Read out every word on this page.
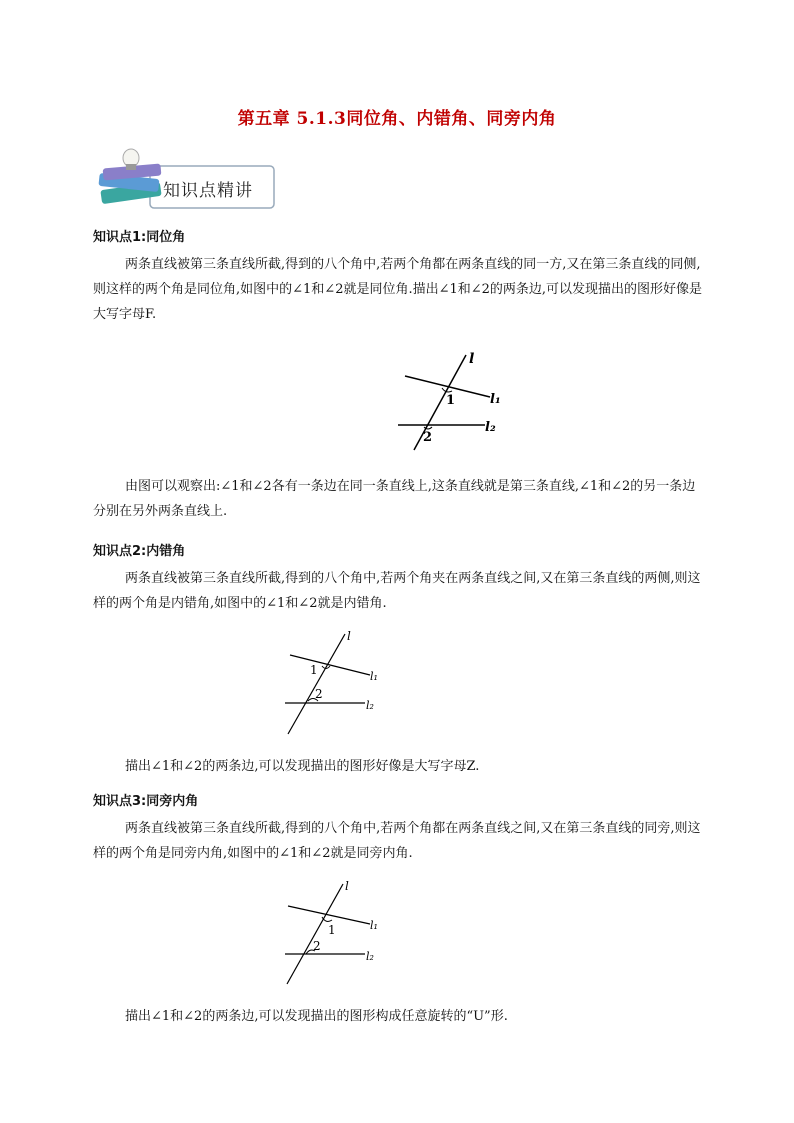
第五章 5.1.3同位角、内错角、同旁内角
知识点精讲
知识点1:同位角
两条直线被第三条直线所截,得到的八个角中,若两个角都在两条直线的同一方,又在第三条直线的同侧,则这样的两个角是同位角,如图中的∠1和∠2就是同位角.描出∠1和∠2的两条边,可以发现描出的图形好像是大写字母F.
l
l₁
l₂
1
2
由图可以观察出:∠1和∠2各有一条边在同一条直线上,这条直线就是第三条直线,∠1和∠2的另一条边分别在另外两条直线上.
知识点2:内错角
两条直线被第三条直线所截,得到的八个角中,若两个角夹在两条直线之间,又在第三条直线的两侧,则这样的两个角是内错角,如图中的∠1和∠2就是内错角.
l
l₁
l₂
1
2
描出∠1和∠2的两条边,可以发现描出的图形好像是大写字母Z.
知识点3:同旁内角
两条直线被第三条直线所截,得到的八个角中,若两个角都在两条直线之间,又在第三条直线的同旁,则这样的两个角是同旁内角,如图中的∠1和∠2就是同旁内角.
l
l₁
l₂
1
2
描出∠1和∠2的两条边,可以发现描出的图形构成任意旋转的“U”形.
